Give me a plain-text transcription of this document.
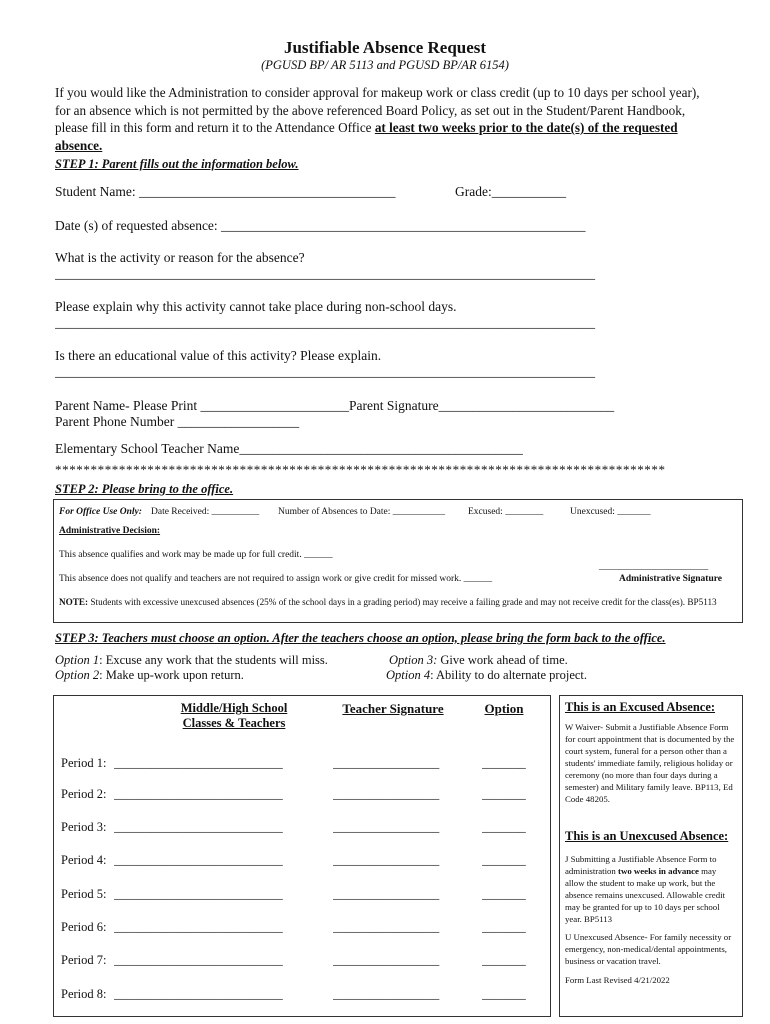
Justifiable Absence Request
(PGUSD BP/ AR 5113 and PGUSD BP/AR 6154)
If you would like the Administration to consider approval for makeup work or class credit (up to 10 days per school year), for an absence which is not permitted by the above referenced Board Policy, as set out in the Student/Parent Handbook, please fill in this form and return it to the Attendance Office at least two weeks prior to the date(s) of the requested absence.
STEP 1: Parent fills out the information below.
Student Name: ______________________________________	Grade:___________
Date (s) of requested absence: ______________________________________________________
What is the activity or reason for the absence?
________________________________________________________________________________
Please explain why this activity cannot take place during non-school days.
________________________________________________________________________________
Is there an educational value of this activity? Please explain.
________________________________________________________________________________
Parent Name- Please Print ______________________Parent Signature__________________________
Parent Phone Number __________________
Elementary School Teacher Name__________________________________________
**************************************************************************************
STEP 2: Please bring to the office.
For Office Use Only: Date Received: __________ Number of Absences to Date: ___________ Excused: ________	Unexcused: _______
Administrative Decision:
This absence qualifies and work may be made up for full credit. ______
_______________________
Administrative Signature
This absence does not qualify and teachers are not required to assign work or give credit for missed work. ______
NOTE: Students with excessive unexcused absences (25% of the school days in a grading period) may receive a failing grade and may not receive credit for the class(es). BP5113
STEP 3: Teachers must choose an option. After the teachers choose an option, please bring the form back to the office.
Option 1: Excuse any work that the students will miss.
Option 2: Make up-work upon return.
Option 3: Give work ahead of time.
Option 4: Ability to do alternate project.
Middle/High School
Classes & Teachers
Teacher Signature	Option
Period 1: ___________________________	_________________	_______
Period 2: ___________________________	_________________	_______
Period 3: ___________________________	_________________	_______
Period 4: ___________________________	_________________	_______
Period 5: ___________________________	_________________	_______
Period 6: ___________________________	_________________	_______
Period 7: ___________________________	_________________	_______
Period 8: ___________________________	_________________	_______
This is an Excused Absence:
W Waiver- Submit a Justifiable Absence Form for court appointment that is documented by the court system, funeral for a person other than a students' immediate family, religious holiday or ceremony (no more than four days during a semester) and Military family leave. BP113, Ed Code 48205.
This is an Unexcused Absence:
J Submitting a Justifiable Absence Form to administration two weeks in advance may allow the student to make up work, but the absence remains unexcused. Allowable credit may be granted for up to 10 days per school year. BP5113
U Unexcused Absence- For family necessity or emergency, non-medical/dental appointments, business or vacation travel.
Form Last Revised 4/21/2022
